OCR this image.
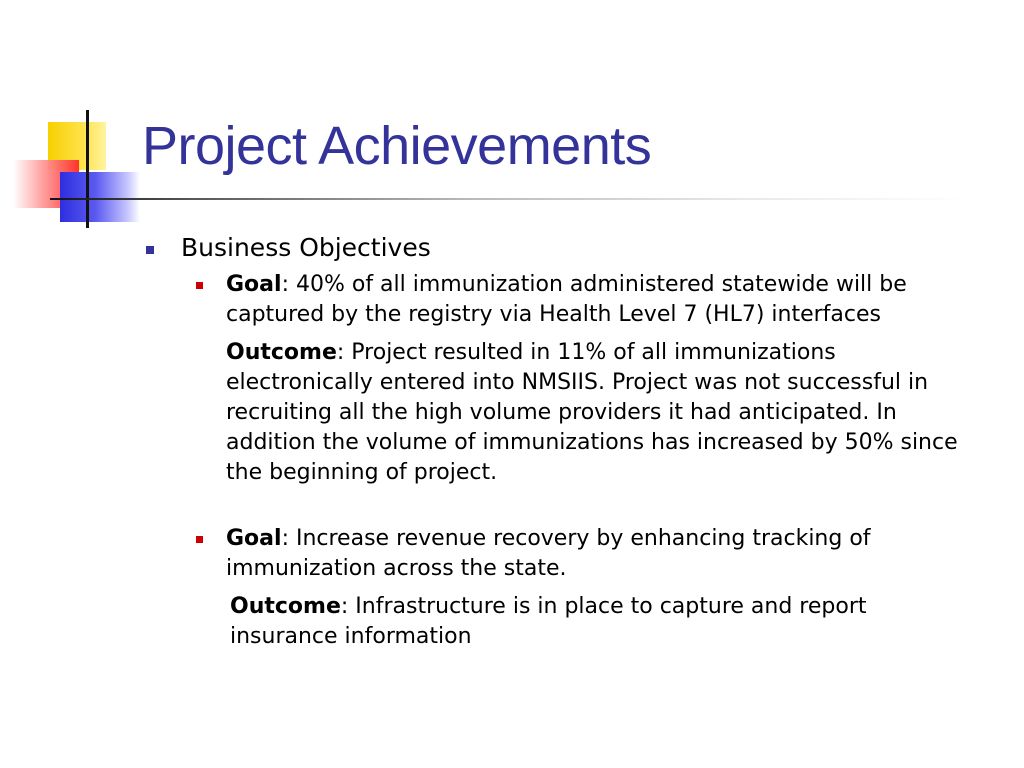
Project Achievements
Business Objectives
Goal: 40% of all immunization administered statewide will be captured by the registry via Health Level 7 (HL7) interfaces
Outcome: Project resulted in 11% of all immunizations electronically entered into NMSIIS. Project was not successful in recruiting all the high volume providers it had anticipated. In addition the volume of immunizations has increased by 50% since the beginning of project.
Goal: Increase revenue recovery by enhancing tracking of immunization across the state.
Outcome: Infrastructure is in place to capture and report insurance information
